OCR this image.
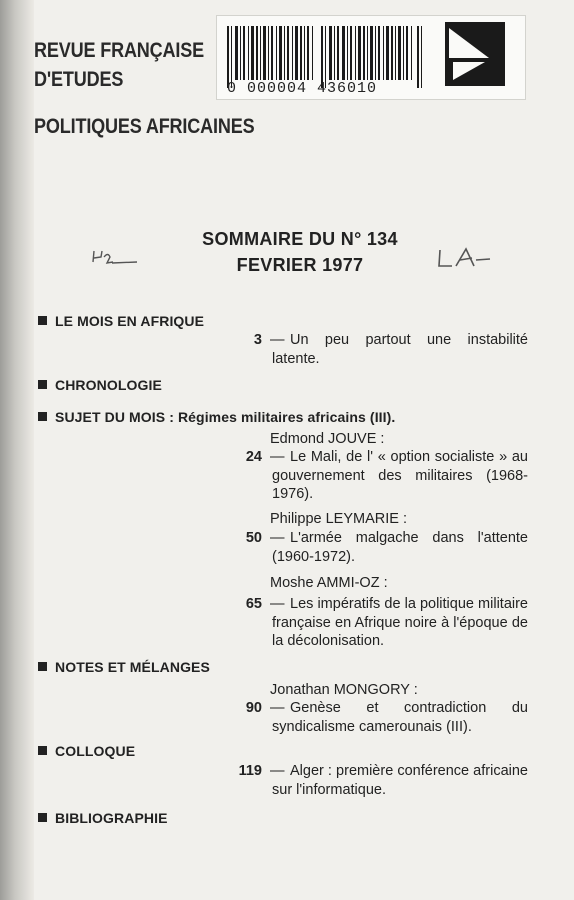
REVUE FRANÇAISE
D'ETUDES
POLITIQUES AFRICAINES
0 000004 436010
SOMMAIRE DU N° 134
FEVRIER 1977
LE MOIS EN AFRIQUE
3 — Un peu partout une instabilité latente.
CHRONOLOGIE
SUJET DU MOIS : Régimes militaires africains (III).
Edmond JOUVE :
24 — Le Mali, de l' « option socialiste » au gouvernement des militaires (1968-1976).
Philippe LEYMARIE :
50 — L'armée malgache dans l'attente (1960-1972).
Moshe AMMI-OZ :
65 — Les impératifs de la politique militaire française en Afrique noire à l'époque de la décolonisation.
NOTES ET MÉLANGES
Jonathan MONGORY :
90 — Genèse et contradiction du syndicalisme camerounais (III).
COLLOQUE
119 — Alger : première conférence africaine sur l'informatique.
BIBLIOGRAPHIE
